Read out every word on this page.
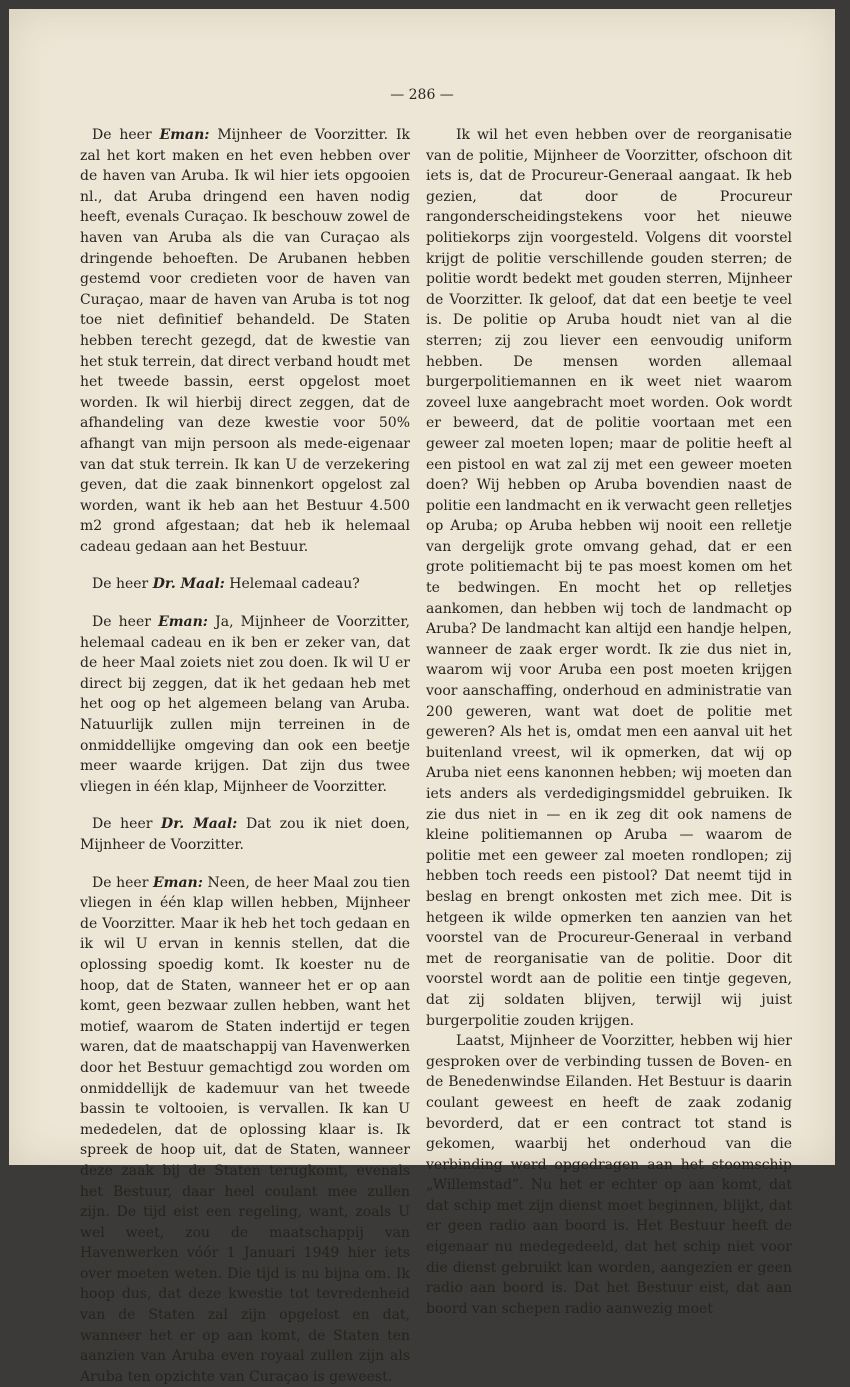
— 286 —

De heer Eman: Mijnheer de Voorzitter. Ik zal het kort maken en het even hebben over de haven van Aruba. Ik wil hier iets opgooien nl., dat Aruba dringend een haven nodig heeft, evenals Curaçao. Ik beschouw zowel de haven van Aruba als die van Curaçao als dringende behoeften. De Arubanen hebben gestemd voor credieten voor de haven van Curaçao, maar de haven van Aruba is tot nog toe niet definitief behandeld. De Staten hebben terecht gezegd, dat de kwestie van het stuk terrein, dat direct verband houdt met het tweede bassin, eerst opgelost moet worden. Ik wil hierbij direct zeggen, dat de afhandeling van deze kwestie voor 50% afhangt van mijn persoon als mede-eigenaar van dat stuk terrein. Ik kan U de verzekering geven, dat die zaak binnenkort opgelost zal worden, want ik heb aan het Bestuur 4.500 m2 grond afgestaan; dat heb ik helemaal cadeau gedaan aan het Bestuur.

De heer Dr. Maal: Helemaal cadeau?

De heer Eman: Ja, Mijnheer de Voorzitter, helemaal cadeau en ik ben er zeker van, dat de heer Maal zoiets niet zou doen. Ik wil U er direct bij zeggen, dat ik het gedaan heb met het oog op het algemeen belang van Aruba. Natuurlijk zullen mijn terreinen in de onmiddellijke omgeving dan ook een beetje meer waarde krijgen. Dat zijn dus twee vliegen in één klap, Mijnheer de Voorzitter.

De heer Dr. Maal: Dat zou ik niet doen, Mijnheer de Voorzitter.

De heer Eman: Neen, de heer Maal zou tien vliegen in één klap willen hebben, Mijnheer de Voorzitter. Maar ik heb het toch gedaan en ik wil U ervan in kennis stellen, dat die oplossing spoedig komt. Ik koester nu de hoop, dat de Staten, wanneer het er op aan komt, geen bezwaar zullen hebben, want het motief, waarom de Staten indertijd er tegen waren, dat de maatschappij van Havenwerken door het Bestuur gemachtigd zou worden om onmiddellijk de kademuur van het tweede bassin te voltooien, is vervallen. Ik kan U mededelen, dat de oplossing klaar is. Ik spreek de hoop uit, dat de Staten, wanneer deze zaak bij de Staten terugkomt, evenals het Bestuur, daar heel coulant mee zullen zijn. De tijd eist een regeling, want, zoals U wel weet, zou de maatschappij van Havenwerken vóór 1 Januari 1949 hier iets over moeten weten. Die tijd is nu bijna om. Ik hoop dus, dat deze kwestie tot tevredenheid van de Staten zal zijn opgelost en dat, wanneer het er op aan komt, de Staten ten aanzien van Aruba even royaal zullen zijn als Aruba ten opzichte van Curaçao is geweest.

Ik wil het even hebben over de reorganisatie van de politie, Mijnheer de Voorzitter, ofschoon dit iets is, dat de Procureur-Generaal aangaat. Ik heb gezien, dat door de Procureur rangonderscheidingstekens voor het nieuwe politiekorps zijn voorgesteld. Volgens dit voorstel krijgt de politie verschillende gouden sterren; de politie wordt bedekt met gouden sterren, Mijnheer de Voorzitter. Ik geloof, dat dat een beetje te veel is. De politie op Aruba houdt niet van al die sterren; zij zou liever een eenvoudig uniform hebben. De mensen worden allemaal burgerpolitiemannen en ik weet niet waarom zoveel luxe aangebracht moet worden. Ook wordt er beweerd, dat de politie voortaan met een geweer zal moeten lopen; maar de politie heeft al een pistool en wat zal zij met een geweer moeten doen? Wij hebben op Aruba bovendien naast de politie een landmacht en ik verwacht geen relletjes op Aruba; op Aruba hebben wij nooit een relletje van dergelijk grote omvang gehad, dat er een grote politiemacht bij te pas moest komen om het te bedwingen. En mocht het op relletjes aankomen, dan hebben wij toch de landmacht op Aruba? De landmacht kan altijd een handje helpen, wanneer de zaak erger wordt. Ik zie dus niet in, waarom wij voor Aruba een post moeten krijgen voor aanschaffing, onderhoud en administratie van 200 geweren, want wat doet de politie met geweren? Als het is, omdat men een aanval uit het buitenland vreest, wil ik opmerken, dat wij op Aruba niet eens kanonnen hebben; wij moeten dan iets anders als verdedigingsmiddel gebruiken. Ik zie dus niet in — en ik zeg dit ook namens de kleine politiemannen op Aruba — waarom de politie met een geweer zal moeten rondlopen; zij hebben toch reeds een pistool? Dat neemt tijd in beslag en brengt onkosten met zich mee. Dit is hetgeen ik wilde opmerken ten aanzien van het voorstel van de Procureur-Generaal in verband met de reorganisatie van de politie. Door dit voorstel wordt aan de politie een tintje gegeven, dat zij soldaten blijven, terwijl wij juist burgerpolitie zouden krijgen.

Laatst, Mijnheer de Voorzitter, hebben wij hier gesproken over de verbinding tussen de Boven- en de Benedenwindse Eilanden. Het Bestuur is daarin coulant geweest en heeft de zaak zodanig bevorderd, dat er een contract tot stand is gekomen, waarbij het onderhoud van die verbinding werd opgedragen aan het stoomschip „Willemstad”. Nu het er echter op aan komt, dat dat schip met zijn dienst moet beginnen, blijkt, dat er geen radio aan boord is. Het Bestuur heeft de eigenaar nu medegedeeld, dat het schip niet voor die dienst gebruikt kan worden, aangezien er geen radio aan boord is. Dat het Bestuur eist, dat aan boord van schepen radio aanwezig moet
